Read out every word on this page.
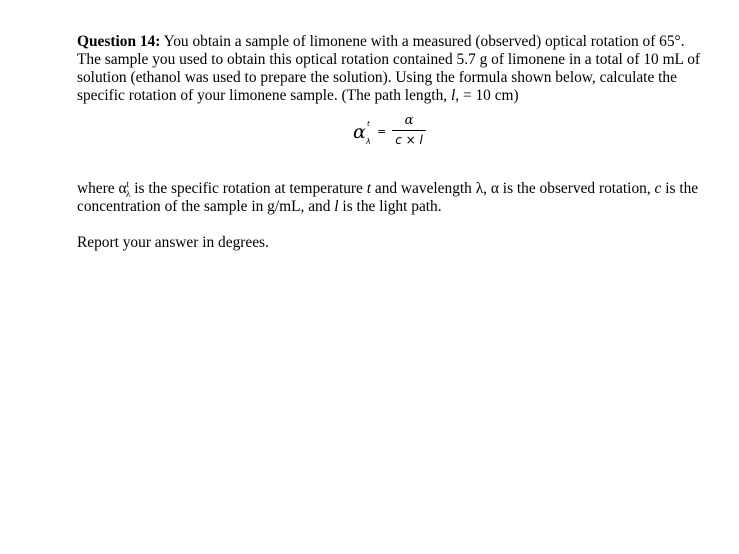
Question 14: You obtain a sample of limonene with a measured (observed) optical rotation of 65°. The sample you used to obtain this optical rotation contained 5.7 g of limonene in a total of 10 mL of solution (ethanol was used to prepare the solution). Using the formula shown below, calculate the specific rotation of your limonene sample. (The path length, l, = 10 cm)

α t
λ
=
α
c × l

where $\alpha^t_\lambda$ is the specific rotation at temperature t and wavelength λ, α is the observed rotation, c is the concentration of the sample in g/mL, and l is the light path.

Report your answer in degrees.
